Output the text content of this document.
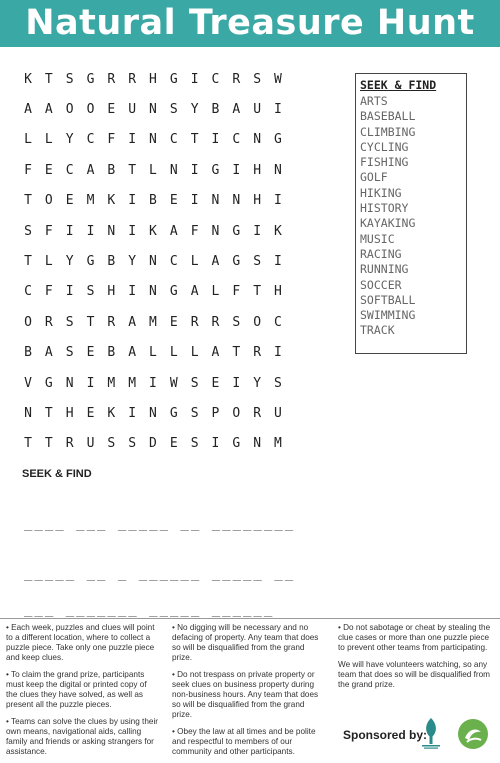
Natural Treasure Hunt
K	T	S	G	R	R	H	G	I	C	R	S	W
A	A	O	O	E	U	N	S	Y	B	A	U	I
L	L	Y	C	F	I	N	C	T	I	C	N	G
F	E	C	A	B	T	L	N	I	G	I	H	N
T	O	E	M	K	I	B	E	I	N	N	H	I
S	F	I	I	N	I	K	A	F	N	G	I	K
T	L	Y	G	B	Y	N	C	L	A	G	S	I
C	F	I	S	H	I	N	G	A	L	F	T	H
O	R	S	T	R	A	M	E	R	R	S	O	C
B	A	S	E	B	A	L	L	L	A	T	R	I
V	G	N	I	M	M	I	W	S	E	I	Y	S
N	T	H	E	K	I	N	G	S	P	O	R	U
T	T	R	U	S	S	D	E	S	I	G	N	M
SEEK & FIND
ARTS
BASEBALL
CLIMBING
CYCLING
FISHING
GOLF
HIKING
HISTORY
KAYAKING
MUSIC
RACING
RUNNING
SOCCER
SOFTBALL
SWIMMING
TRACK
SEEK & FIND
____ ___ _____ __ ________
_____ __ _ ______ _____ __
___ _______ _____ ______

• Each week, puzzles and clues will point to a different location, where to collect a puzzle piece. Take only one puzzle piece and keep clues.

• To claim the grand prize, participants must keep the digital or printed copy of the clues they have solved, as well as present all the puzzle pieces.

• Teams can solve the clues by using their own means, navigational aids, calling family and friends or asking strangers for assistance.

• No digging will be necessary and no defacing of property. Any team that does so will be disqualified from the grand prize.

• Do not trespass on private property or seek clues on business property during non-business hours. Any team that does so will be disqualified from the grand prize.

• Obey the law at all times and be polite and respectful to members of our community and other participants.

• Do not sabotage or cheat by stealing the clue cases or more than one puzzle piece to prevent other teams from participating.

We will have volunteers watching, so any team that does so will be disqualified from the grand prize.

Sponsored by:
